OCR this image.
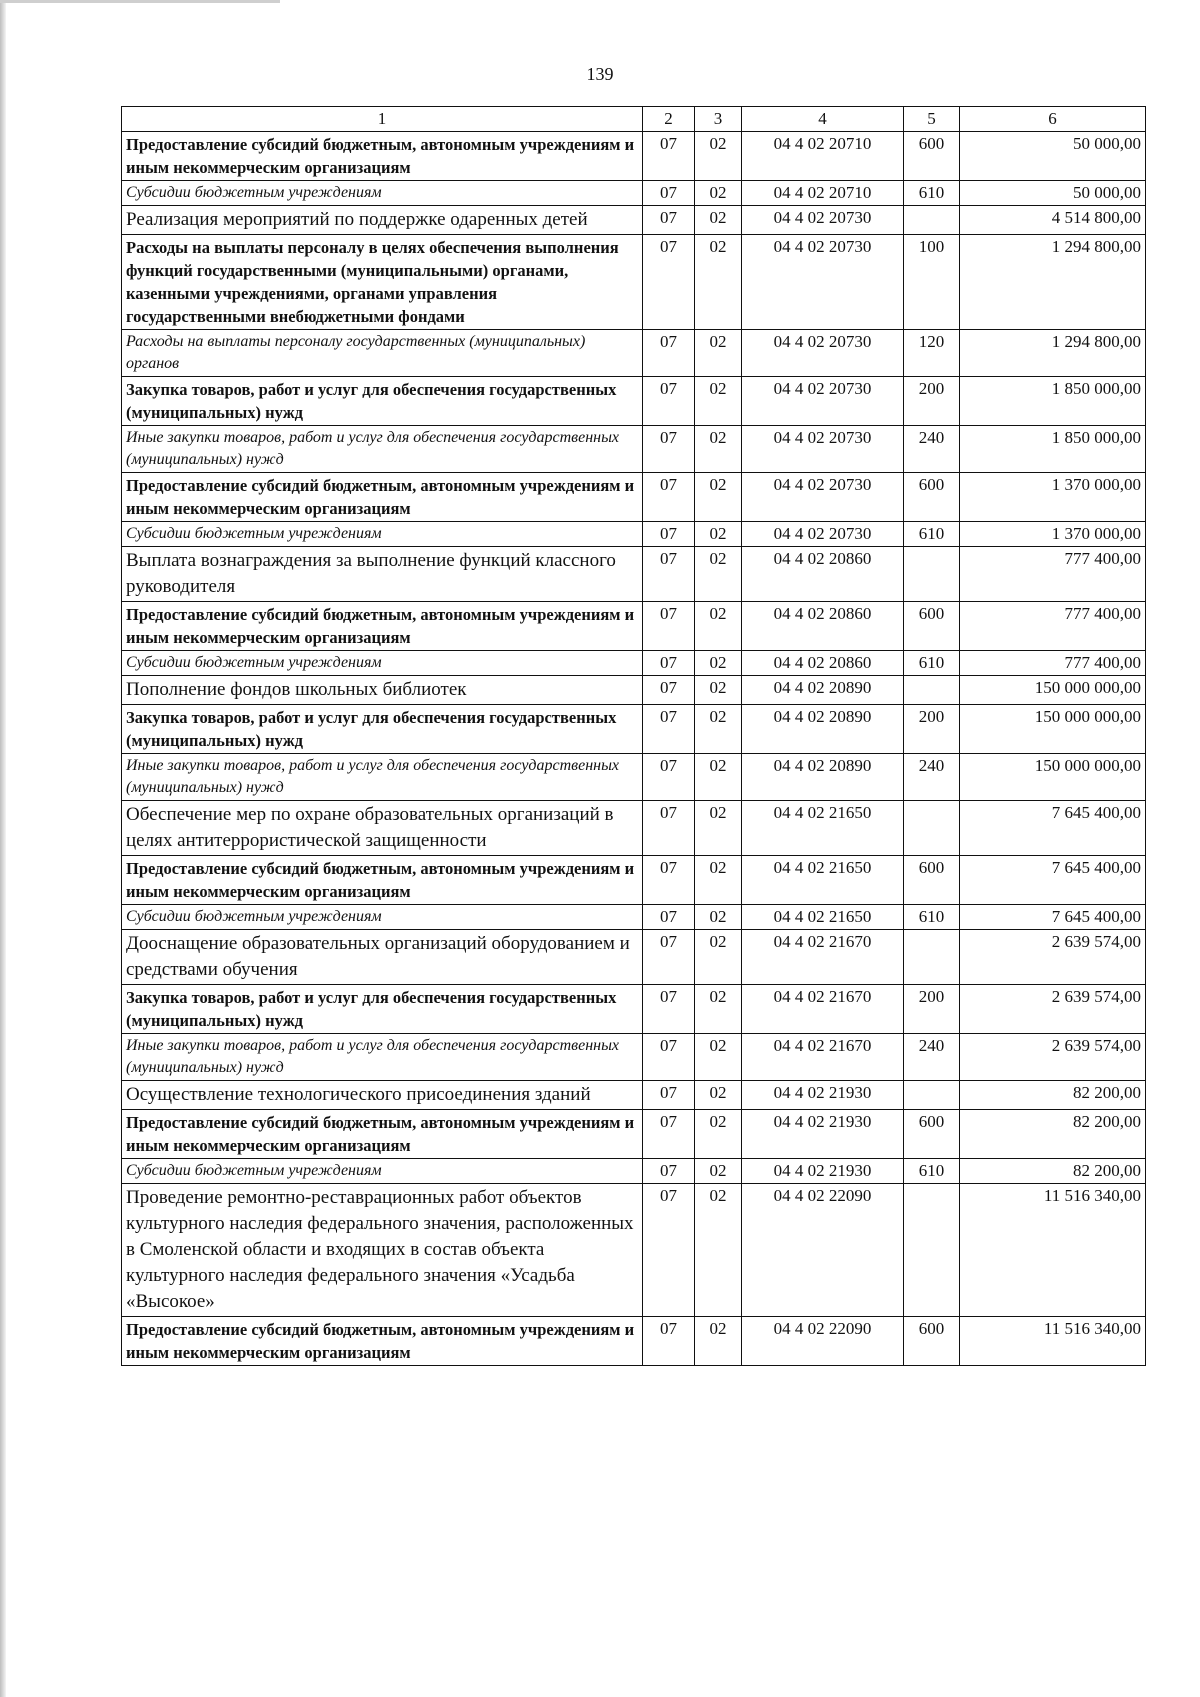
139
1	2	3	4	5	6
Предоставление субсидий бюджетным, автономным учреждениям и иным некоммерческим организациям	07	02	04 4 02 20710	600	50 000,00
Субсидии бюджетным учреждениям	07	02	04 4 02 20710	610	50 000,00
Реализация мероприятий по поддержке одаренных детей	07	02	04 4 02 20730		4 514 800,00
Расходы на выплаты персоналу в целях обеспечения выполнения функций государственными (муниципальными) органами, казенными учреждениями, органами управления государственными внебюджетными фондами	07	02	04 4 02 20730	100	1 294 800,00
Расходы на выплаты персоналу государственных (муниципальных) органов	07	02	04 4 02 20730	120	1 294 800,00
Закупка товаров, работ и услуг для обеспечения государственных (муниципальных) нужд	07	02	04 4 02 20730	200	1 850 000,00
Иные закупки товаров, работ и услуг для обеспечения государственных (муниципальных) нужд	07	02	04 4 02 20730	240	1 850 000,00
Предоставление субсидий бюджетным, автономным учреждениям и иным некоммерческим организациям	07	02	04 4 02 20730	600	1 370 000,00
Субсидии бюджетным учреждениям	07	02	04 4 02 20730	610	1 370 000,00
Выплата вознаграждения за выполнение функций классного руководителя	07	02	04 4 02 20860		777 400,00
Предоставление субсидий бюджетным, автономным учреждениям и иным некоммерческим организациям	07	02	04 4 02 20860	600	777 400,00
Субсидии бюджетным учреждениям	07	02	04 4 02 20860	610	777 400,00
Пополнение фондов школьных библиотек	07	02	04 4 02 20890		150 000 000,00
Закупка товаров, работ и услуг для обеспечения государственных (муниципальных) нужд	07	02	04 4 02 20890	200	150 000 000,00
Иные закупки товаров, работ и услуг для обеспечения государственных (муниципальных) нужд	07	02	04 4 02 20890	240	150 000 000,00
Обеспечение мер по охране образовательных организаций в целях антитеррористической защищенности	07	02	04 4 02 21650		7 645 400,00
Предоставление субсидий бюджетным, автономным учреждениям и иным некоммерческим организациям	07	02	04 4 02 21650	600	7 645 400,00
Субсидии бюджетным учреждениям	07	02	04 4 02 21650	610	7 645 400,00
Дооснащение образовательных организаций оборудованием и средствами обучения	07	02	04 4 02 21670		2 639 574,00
Закупка товаров, работ и услуг для обеспечения государственных (муниципальных) нужд	07	02	04 4 02 21670	200	2 639 574,00
Иные закупки товаров, работ и услуг для обеспечения государственных (муниципальных) нужд	07	02	04 4 02 21670	240	2 639 574,00
Осуществление технологического присоединения зданий	07	02	04 4 02 21930		82 200,00
Предоставление субсидий бюджетным, автономным учреждениям и иным некоммерческим организациям	07	02	04 4 02 21930	600	82 200,00
Субсидии бюджетным учреждениям	07	02	04 4 02 21930	610	82 200,00
Проведение ремонтно-реставрационных работ объектов культурного наследия федерального значения, расположенных в Смоленской области и входящих в состав объекта культурного наследия федерального значения «Усадьба «Высокое»	07	02	04 4 02 22090		11 516 340,00
Предоставление субсидий бюджетным, автономным учреждениям и иным некоммерческим организациям	07	02	04 4 02 22090	600	11 516 340,00
